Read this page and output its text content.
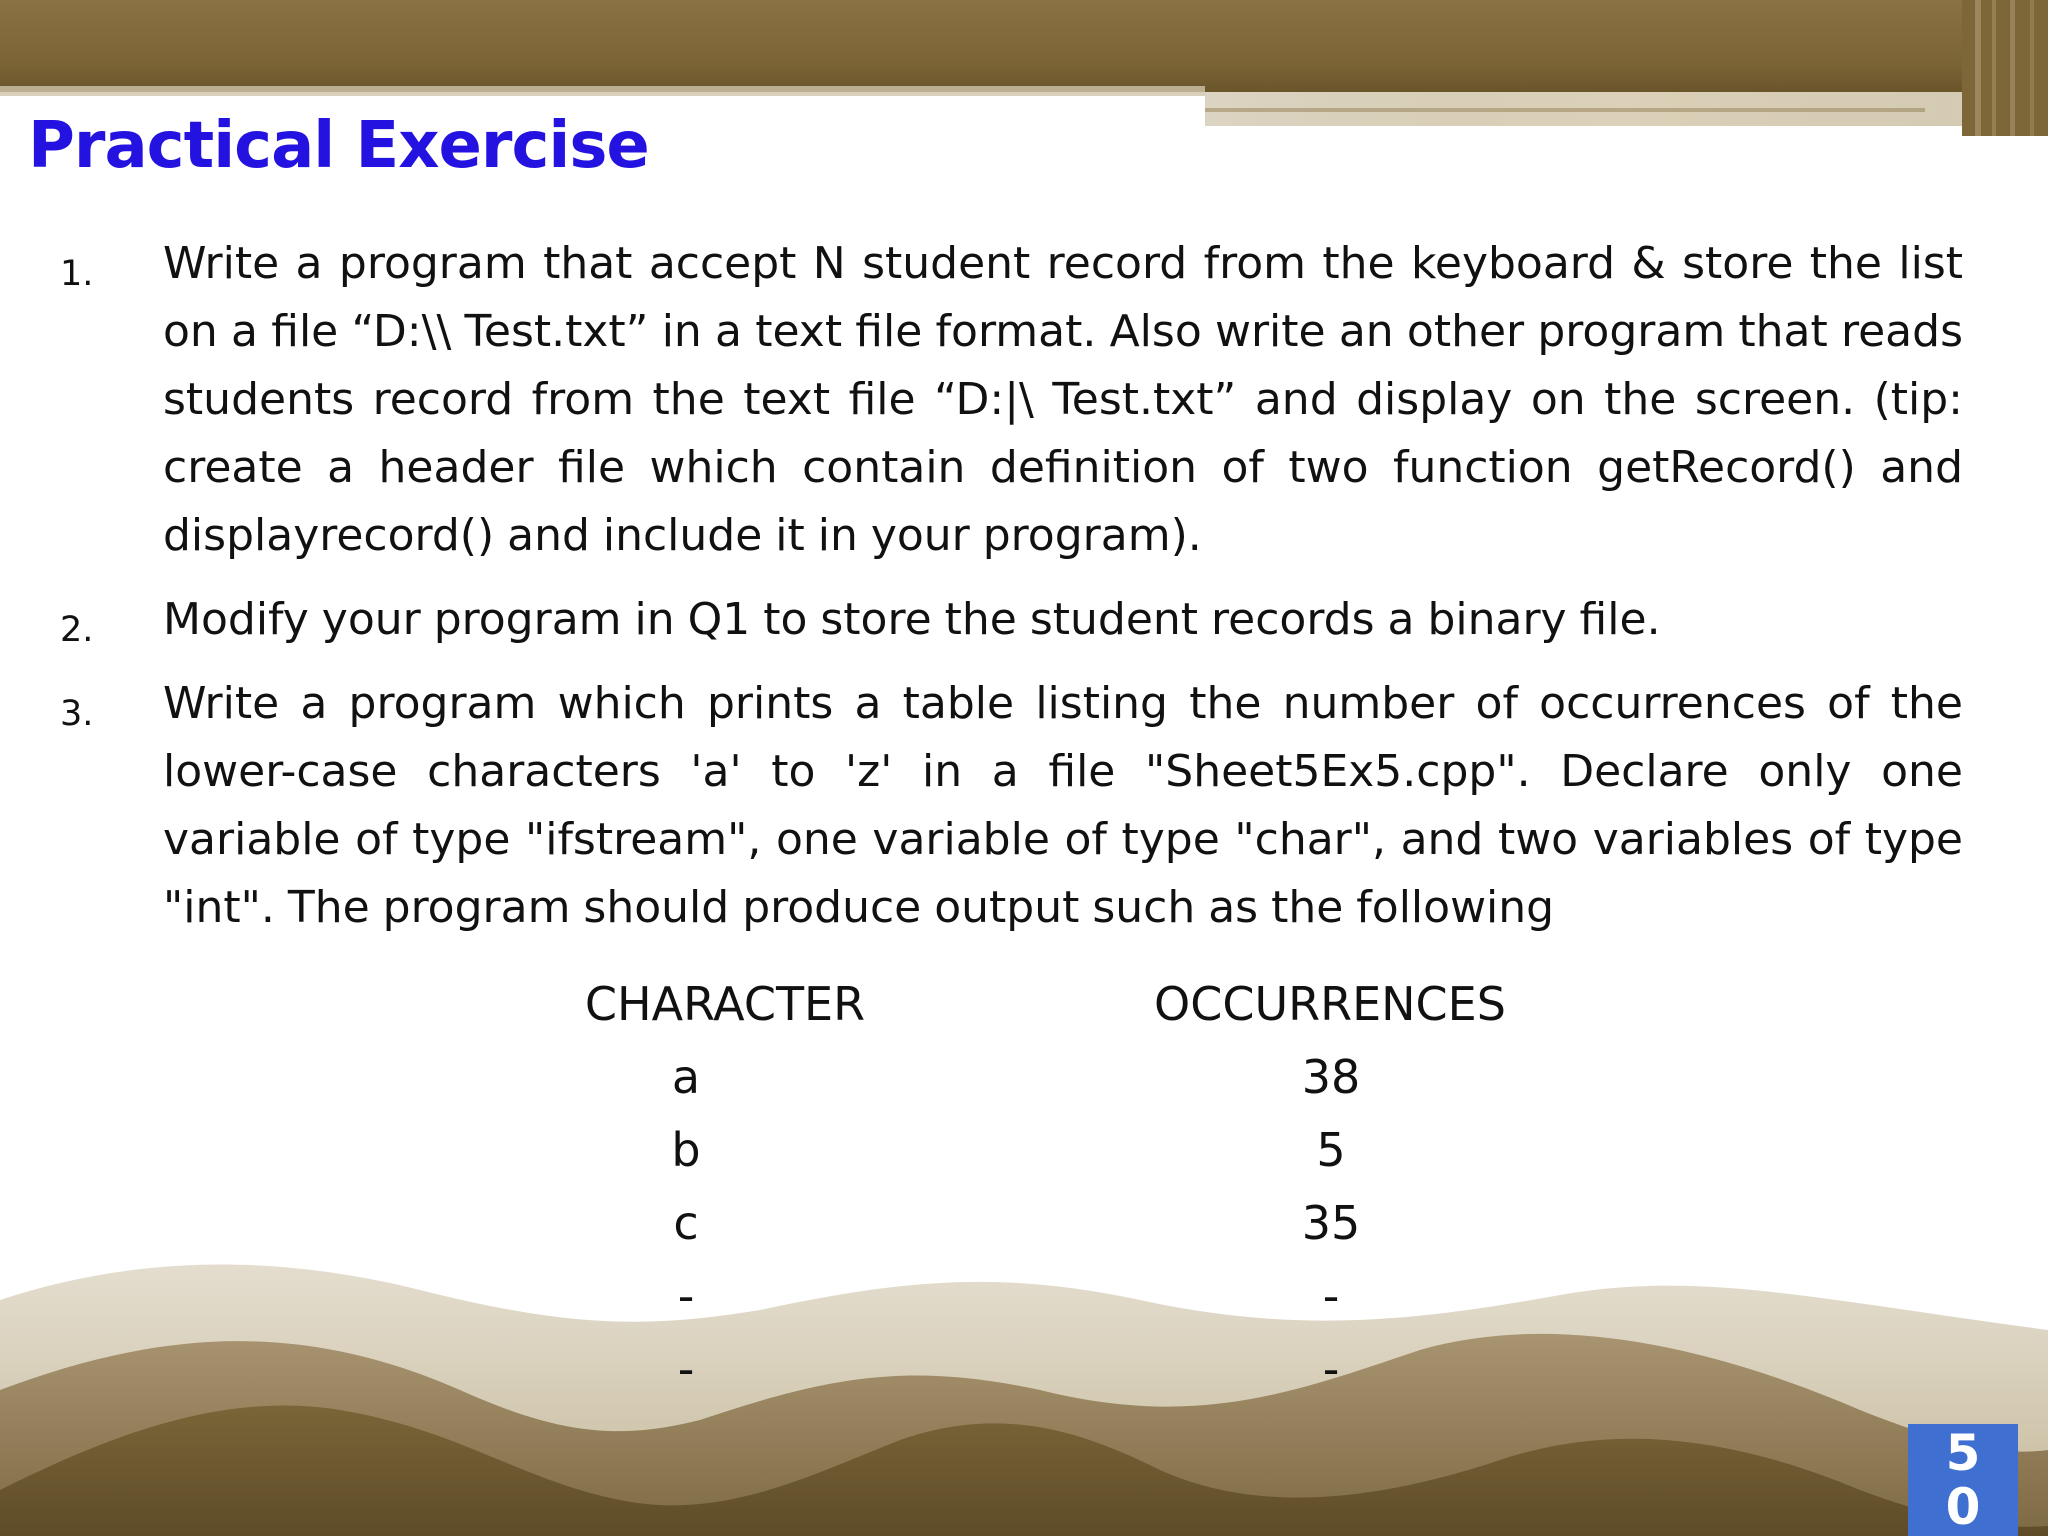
Practical Exercise
1. Write a program that accept N student record from the keyboard & store the list on a file “D:\\ Test.txt” in a text file format. Also write an other program that reads students record from the text file “D:|\ Test.txt” and display on the screen. (tip: create a header file which contain definition of two function getRecord() and displayrecord() and include it in your program).
2. Modify your program in Q1 to store the student records a binary file.
3. Write a program which prints a table listing the number of occurrences of the lower-case characters 'a' to 'z' in a file "Sheet5Ex5.cpp". Declare only one variable of type "ifstream", one variable of type "char", and two variables of type "int". The program should produce output such as the following
CHARACTER	OCCURRENCES
a	38
b	5
c	35
-	-
-	-
50
